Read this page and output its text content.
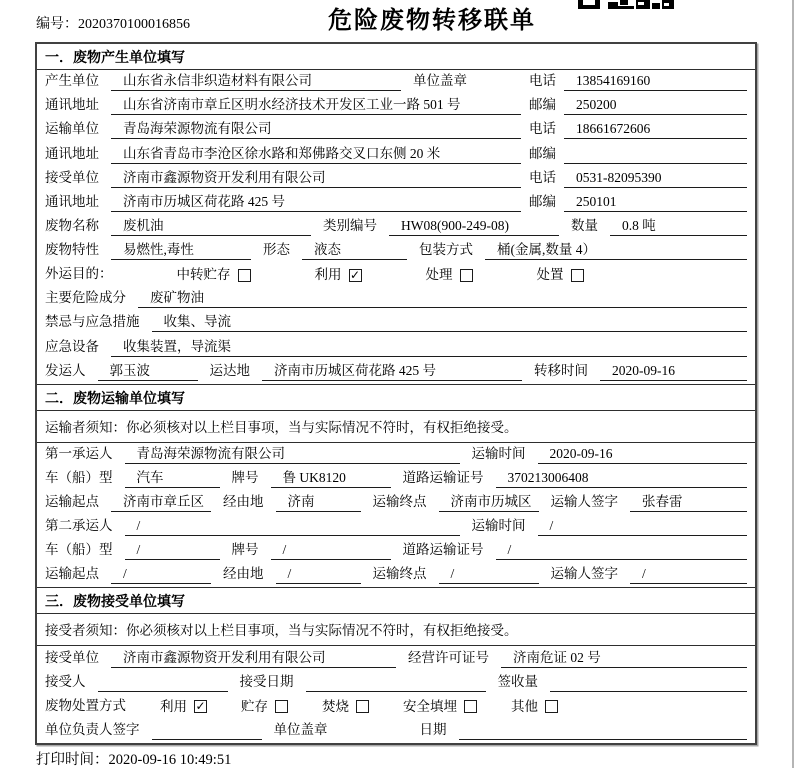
编号：2020370100016856	危险废物转移联单
一．废物产生单位填写
产生单位	山东省永信非织造材料有限公司	单位盖章	电话	13854169160
通讯地址	山东省济南市章丘区明水经济技术开发区工业一路 501 号	邮编	250200
运输单位	青岛海荣源物流有限公司	电话	18661672606
通讯地址	山东省青岛市李沧区徐水路和郑佛路交叉口东侧 20 米	邮编
接受单位	济南市鑫源物资开发利用有限公司	电话	0531-82095390
通讯地址	济南市历城区荷花路 425 号	邮编	250101
废物名称	废机油	类别编号	HW08(900-249-08)	数量	0.8 吨
废物特性	易燃性,毒性	形态	液态	包装方式	桶(金属,数量 4）
外运目的：	中转贮存	利用 ✓	处理	处置
主要危险成分	废矿物油
禁忌与应急措施	收集、导流
应急设备	收集装置，导流渠
发运人	郭玉波	运达地	济南市历城区荷花路 425 号	转移时间	2020-09-16
二．废物运输单位填写
运输者须知：你必须核对以上栏目事项，当与实际情况不符时，有权拒绝接受。
第一承运人	青岛海荣源物流有限公司	运输时间	2020-09-16
车（船）型	汽车	牌号	鲁 UK8120	道路运输证号	370213006408
运输起点	济南市章丘区	经由地	济南	运输终点	济南市历城区	运输人签字	张春雷
第二承运人	/	运输时间	/
车（船）型	/	牌号	/	道路运输证号	/
运输起点	/	经由地	/	运输终点	/	运输人签字	/
三．废物接受单位填写
接受者须知：你必须核对以上栏目事项，当与实际情况不符时，有权拒绝接受。
接受单位	济南市鑫源物资开发利用有限公司	经营许可证号	济南危证 02 号
接受人	接受日期	签收量
废物处置方式	利用 ✓	贮存	焚烧	安全填埋	其他
单位负责人签字	单位盖章	日期
打印时间：2020-09-16 10:49:51
